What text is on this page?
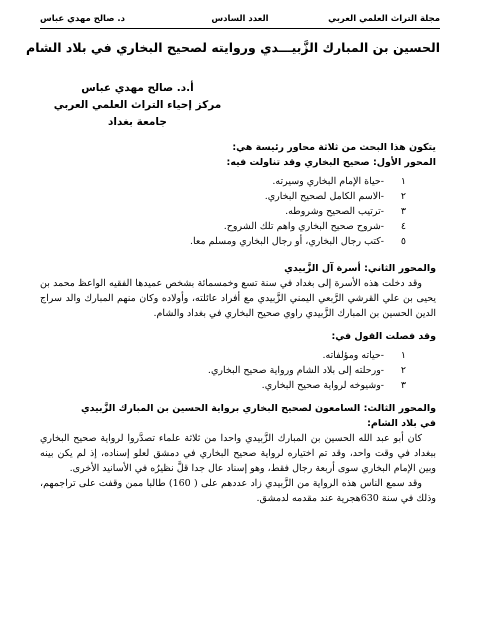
مجلة التراث العلمي العربي
العدد السادس
د. صالح مهدي عباس
الحسين بن المبارك الزَّبيـــدي وروايته لصحيح البخاري في بلاد الشام
أ.د. صالح مهدي عباس
مركز إحياء التراث العلمي العربي
جامعة بغداد

يتكون هذا البحث من ثلاثة محاور رئيسة هي:

المحور الأول: صحيح البخاري وقد تناولت فيه:

١
-حياة الإمام البخاري وسيرته.
٢
-الاسم الكامل لصحيح البخاري.
٣
-ترتيب الصحيح وشروطه.
٤
-شروح صحيح البخاري واهم تلك الشروح.
٥
-كتب رجال البخاري، أو رجال البخاري ومسلم معا.

والمحور الثاني: أسرة آل الزَّبيدي

وقد دخلت هذه الأسرة إلى بغداد في سنة تسع وخمسمائة بشخص عميدها الفقيه الواعظ محمد بن يحيى بن علي القرشي الرَّبعي اليمني الزَّبيدي مع أفراد عائلته، وأولاده وكان منهم المبارك والد سراج الدين الحسين بن المبارك الزَّبيدي راوي صحيح البخاري في بغداد والشام.

وقد فصلت القول في:

١
-حياته ومؤلفاته.
٢
-ورحلته إلى بلاد الشام ورواية صحيح البخاري.
٣
-وشيوخه لرواية صحيح البخاري.

والمحور الثالث: السامعون لصحيح البخاري برواية الحسين بن المبارك الزَّبيدي

في بلاد الشام:

كان أبو عبد الله الحسين بن المبارك الزَّبيدي واحدا من ثلاثة علماء تصدَّروا لرواية صحيح البخاري ببغداد في وقت واحد، وقد تم اختياره لرواية صحيح البخاري في دمشق لعلو إسناده، إذ لم يكن بينه وبين الإمام البخاري سوى أربعة رجال فقط، وهو إسناد عال جدا قلَّ نظيرُه في الأسانيد الأخرى.

وقد سمع الناس هذه الرواية من الزَّبيدي زاد عددهم على ( 160) طالبا ممن وقفت على تراجمهم، وذلك في سنة 630هجرية عند مقدمه لدمشق.
